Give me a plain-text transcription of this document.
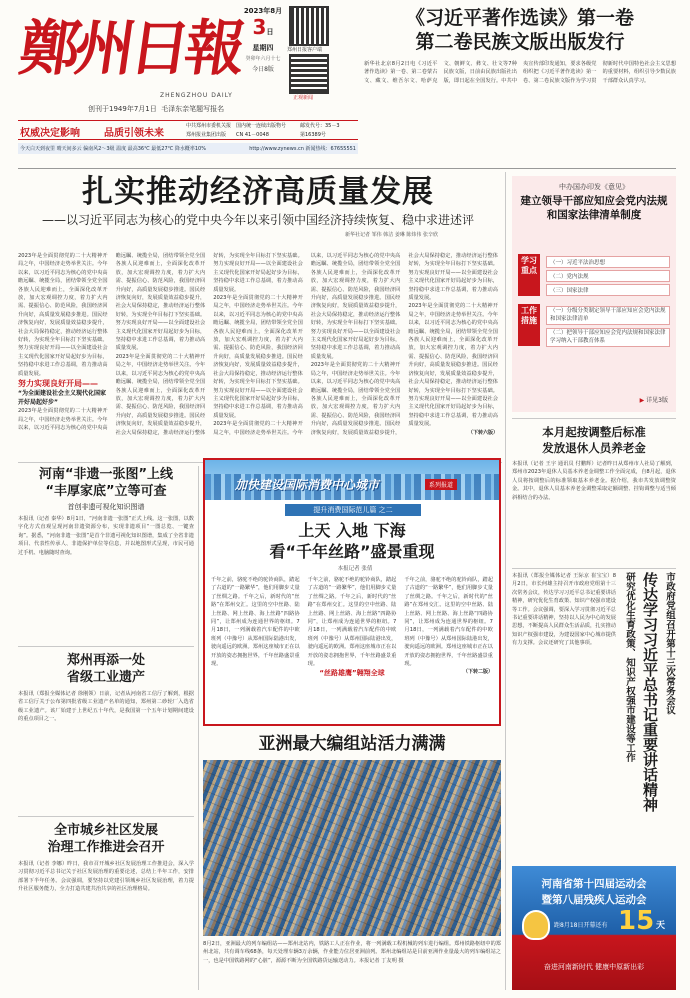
鄭州日報
ZHENGZHOU DAILY
创刊于1949年7月1日 毛泽东亲笔题写报名
2023年8月
3日
星期四
癸卯年六月十七
今日8版
郑州日报客户端
正观新闻
权威决定影响 品质引领未来
中共郑州市委机关报
郑州报业集团出版
国内统一连续出版物号
CN 41－0048
邮发代号：35－3
第16389号
今天白天到夜里 晴天间多云 偏南风2～3级 温度 最高36℃ 最低27℃ 降水概率10%	http://www.zynews.cn 新闻热线：67655551
《习近平著作选读》第一卷
第二卷民族文版出版发行
新华社北京8月2日电《习近平著作选读》第一卷、第二卷蒙古文、藏文、维吾尔文、哈萨克文、朝鲜文、彝文、壮文等7种民族文版，日前由民族出版社出版，即日起在全国发行。中共中央宣传部印发通知，要求各级党组织把《习近平著作选读》第一卷、第二卷民族文版作为学习贯彻新时代中国特色社会主义思想的重要材料，组织引导少数民族干部群众认真学习。
扎实推动经济高质量发展
——以习近平同志为核心的党中央今年以来引领中国经济持续恢复、稳中求进述评
新华社记者 邹伟 韩洁 姜琳 陈炜伟 张辛欣
2023年是全面贯彻党的二十大精神开局之年，中国经济走势举世关注。今年以来，以习近平同志为核心的党中央高瞻远瞩、统揽全局，团结带领全党全国各族人民迎难而上，全面深化改革开放，加大宏观调控力度，着力扩大内需、提振信心、防范风险，我国经济回升向好，高质量发展稳步推进。国民经济恢复向好，发展质量效益稳步提升，社会大局保持稳定，推动经济运行整体好转，为实现全年目标打下坚实基础。努力实现良好开局——以全面建设社会主义现代化国家开好局起好步为目标，坚持稳中求进工作总基调，着力推动高质量发展。
努力实现良好开局——
“为全面建设社会主义现代化国家开好局起好步”
2023年是全面贯彻党的二十大精神开局之年，中国经济走势举世关注。今年以来，以习近平同志为核心的党中央高瞻远瞩、统揽全局，团结带领全党全国各族人民迎难而上，全面深化改革开放，加大宏观调控力度，着力扩大内需、提振信心、防范风险，我国经济回升向好，高质量发展稳步推进。国民经济恢复向好，发展质量效益稳步提升，社会大局保持稳定，推动经济运行整体好转，为实现全年目标打下坚实基础。努力实现良好开局——以全面建设社会主义现代化国家开好局起好步为目标，坚持稳中求进工作总基调，着力推动高质量发展。
2023年是全面贯彻党的二十大精神开局之年，中国经济走势举世关注。今年以来，以习近平同志为核心的党中央高瞻远瞩、统揽全局，团结带领全党全国各族人民迎难而上，全面深化改革开放，加大宏观调控力度，着力扩大内需、提振信心、防范风险，我国经济回升向好，高质量发展稳步推进。国民经济恢复向好，发展质量效益稳步提升，社会大局保持稳定，推动经济运行整体好转，为实现全年目标打下坚实基础。努力实现良好开局——以全面建设社会主义现代化国家开好局起好步为目标，坚持稳中求进工作总基调，着力推动高质量发展。
2023年是全面贯彻党的二十大精神开局之年，中国经济走势举世关注。今年以来，以习近平同志为核心的党中央高瞻远瞩、统揽全局，团结带领全党全国各族人民迎难而上，全面深化改革开放，加大宏观调控力度，着力扩大内需、提振信心、防范风险，我国经济回升向好，高质量发展稳步推进。国民经济恢复向好，发展质量效益稳步提升，社会大局保持稳定，推动经济运行整体好转，为实现全年目标打下坚实基础。努力实现良好开局——以全面建设社会主义现代化国家开好局起好步为目标，坚持稳中求进工作总基调，着力推动高质量发展。
2023年是全面贯彻党的二十大精神开局之年，中国经济走势举世关注。今年以来，以习近平同志为核心的党中央高瞻远瞩、统揽全局，团结带领全党全国各族人民迎难而上，全面深化改革开放，加大宏观调控力度，着力扩大内需、提振信心、防范风险，我国经济回升向好，高质量发展稳步推进。国民经济恢复向好，发展质量效益稳步提升，社会大局保持稳定，推动经济运行整体好转，为实现全年目标打下坚实基础。努力实现良好开局——以全面建设社会主义现代化国家开好局起好步为目标，坚持稳中求进工作总基调，着力推动高质量发展。
2023年是全面贯彻党的二十大精神开局之年，中国经济走势举世关注。今年以来，以习近平同志为核心的党中央高瞻远瞩、统揽全局，团结带领全党全国各族人民迎难而上，全面深化改革开放，加大宏观调控力度，着力扩大内需、提振信心、防范风险，我国经济回升向好，高质量发展稳步推进。国民经济恢复向好，发展质量效益稳步提升，社会大局保持稳定，推动经济运行整体好转，为实现全年目标打下坚实基础。努力实现良好开局——以全面建设社会主义现代化国家开好局起好步为目标，坚持稳中求进工作总基调，着力推动高质量发展。
2023年是全面贯彻党的二十大精神开局之年，中国经济走势举世关注。今年以来，以习近平同志为核心的党中央高瞻远瞩、统揽全局，团结带领全党全国各族人民迎难而上，全面深化改革开放，加大宏观调控力度，着力扩大内需、提振信心、防范风险，我国经济回升向好，高质量发展稳步推进。国民经济恢复向好，发展质量效益稳步提升，社会大局保持稳定，推动经济运行整体好转，为实现全年目标打下坚实基础。努力实现良好开局——以全面建设社会主义现代化国家开好局起好步为目标，坚持稳中求进工作总基调，着力推动高质量发展。
（下转六版）
中办国办印发《意见》
建立领导干部应知应会党内法规和国家法律清单制度
学习重点
（一）习近平法治思想
（二）党内法规
（三）国家法律
工作措施
（一）分级分类制定领导干部应知应会党内法规和国家法律清单
（二）把领导干部应知应会党内法规和国家法律学习纳入干部教育体系
▶ 详见3版
河南“非遗一张图”上线
“丰厚家底”立等可查
首创非遗可视化知识图谱
本报讯（记者 秦华）8月1日，“河南非遗一张图”正式上线。这一张图，以数字化方式直观呈现河南非遗资源分布，实现非遗项目“一图总览、一键查询”。据悉，“河南非遗一张图”是首个非遗可视化知识图谱，集成了全省非遗项目、代表性传承人、非遗保护单位等信息，并以地图形式呈现，市民可通过手机、电脑随时查询。
郑州再添一处
省级工业遗产
本报讯（郑报全媒体记者 徐刚领）日前，记者从河南省工信厅了解到，根据省工信厅关于公布第四批省级工业遗产名单的通知，郑州第二砂轮厂入选省级工业遗产。该厂始建于上世纪五十年代，是我国第一个五年计划期间建设的重点项目之一。
全市城乡社区发展
治理工作推进会召开
本报讯（记者 李娜）昨日，我市召开城乡社区发展治理工作推进会，深入学习贯彻习近平总书记关于社区发展治理的重要论述，总结上半年工作，安排部署下半年任务。会议强调，要坚持以党建引领城乡社区发展治理，着力提升社区服务能力，全力打造共建共治共享的社区治理格局。
加快建设国际消费中心城市	系列报道
提升消费国际范儿篇 之二
上天 入地 下海
看“千年丝路”盛景重现
本报记者 张倩
千年之前，骆驼不绝的驼铃商队，踏起了古道的“一路繁华”，他们用脚步丈量了丝绸之路。千年之后，新时代的“丝路”在郑州交汇。这里的空中丝路、陆上丝路、网上丝路、海上丝路“四路协同”，让郑州成为连通世界的枢纽。7月18日，一列满载着汽车配件的中欧班列（中豫号）从郑州国际陆港出发，驶向遥远的欧洲。郑州这座城市正在以开放的姿态拥抱世界，千年丝路盛景重现。
千年之前，骆驼不绝的驼铃商队，踏起了古道的“一路繁华”，他们用脚步丈量了丝绸之路。千年之后，新时代的“丝路”在郑州交汇。这里的空中丝路、陆上丝路、网上丝路、海上丝路“四路协同”，让郑州成为连通世界的枢纽。7月18日，一列满载着汽车配件的中欧班列（中豫号）从郑州国际陆港出发，驶向遥远的欧洲。郑州这座城市正在以开放的姿态拥抱世界，千年丝路盛景重现。
“丝路雄鹰”翱翔全球
千年之前，骆驼不绝的驼铃商队，踏起了古道的“一路繁华”，他们用脚步丈量了丝绸之路。千年之后，新时代的“丝路”在郑州交汇。这里的空中丝路、陆上丝路、网上丝路、海上丝路“四路协同”，让郑州成为连通世界的枢纽。7月18日，一列满载着汽车配件的中欧班列（中豫号）从郑州国际陆港出发，驶向遥远的欧洲。郑州这座城市正在以开放的姿态拥抱世界，千年丝路盛景重现。
（下转二版）
亚洲最大编组站活力满满
8月2日，亚洲最大的列车编组站——郑州北站内，铁路工人正在作业，将一列满载工程机械的列车进行编组。郑州铁路枢纽中的郑州北站，共有调车线68条，每天处理车辆3万余辆，作业能力位居亚洲前列。郑州北编组站是目前亚洲作业量最大的列车编组站之一，也是中国铁路网的“心脏”，源源不断为全国铁路货运输送动力。本报记者 丁友明 摄
本月起按调整后标准
发放退休人员养老金
本报讯（记者 王宇 通讯员 付鹏辉）记者昨日从郑州市人社局了解到，郑州市2023年退休人员基本养老金调整工作全面完成，自8月起，退休人员将按调整后的标准领取基本养老金。据介绍，我市共发放调整资金。其中，退休人员基本养老金调整采取定额调整、挂钩调整与适当倾斜相结合的办法。
本报讯（郑报全媒体记者 王际京 崔宝宝）8月2日，市长何雄主持召开市政府党组第十三次常务会议，传达学习习近平总书记重要讲话精神，研究优化生育政策、知识产权强市建设等工作。会议强调，要深入学习贯彻习近平总书记重要讲话精神，坚持以人民为中心的发展思想，不断提高人民群众生活品质，扎实推动知识产权强市建设，为建设国家中心城市提供有力支撑。会议还研究了其他事项。	市政府党组召开第十三次常务会议
传达学习习近平总书记重要讲话精神
研究优化生育政策、知识产权强市建设等工作
河南省第十四届运动会
暨第八届残疾人运动会
距8月18日开幕还有 15 天
奋进河南新时代 健康中原新出彩
